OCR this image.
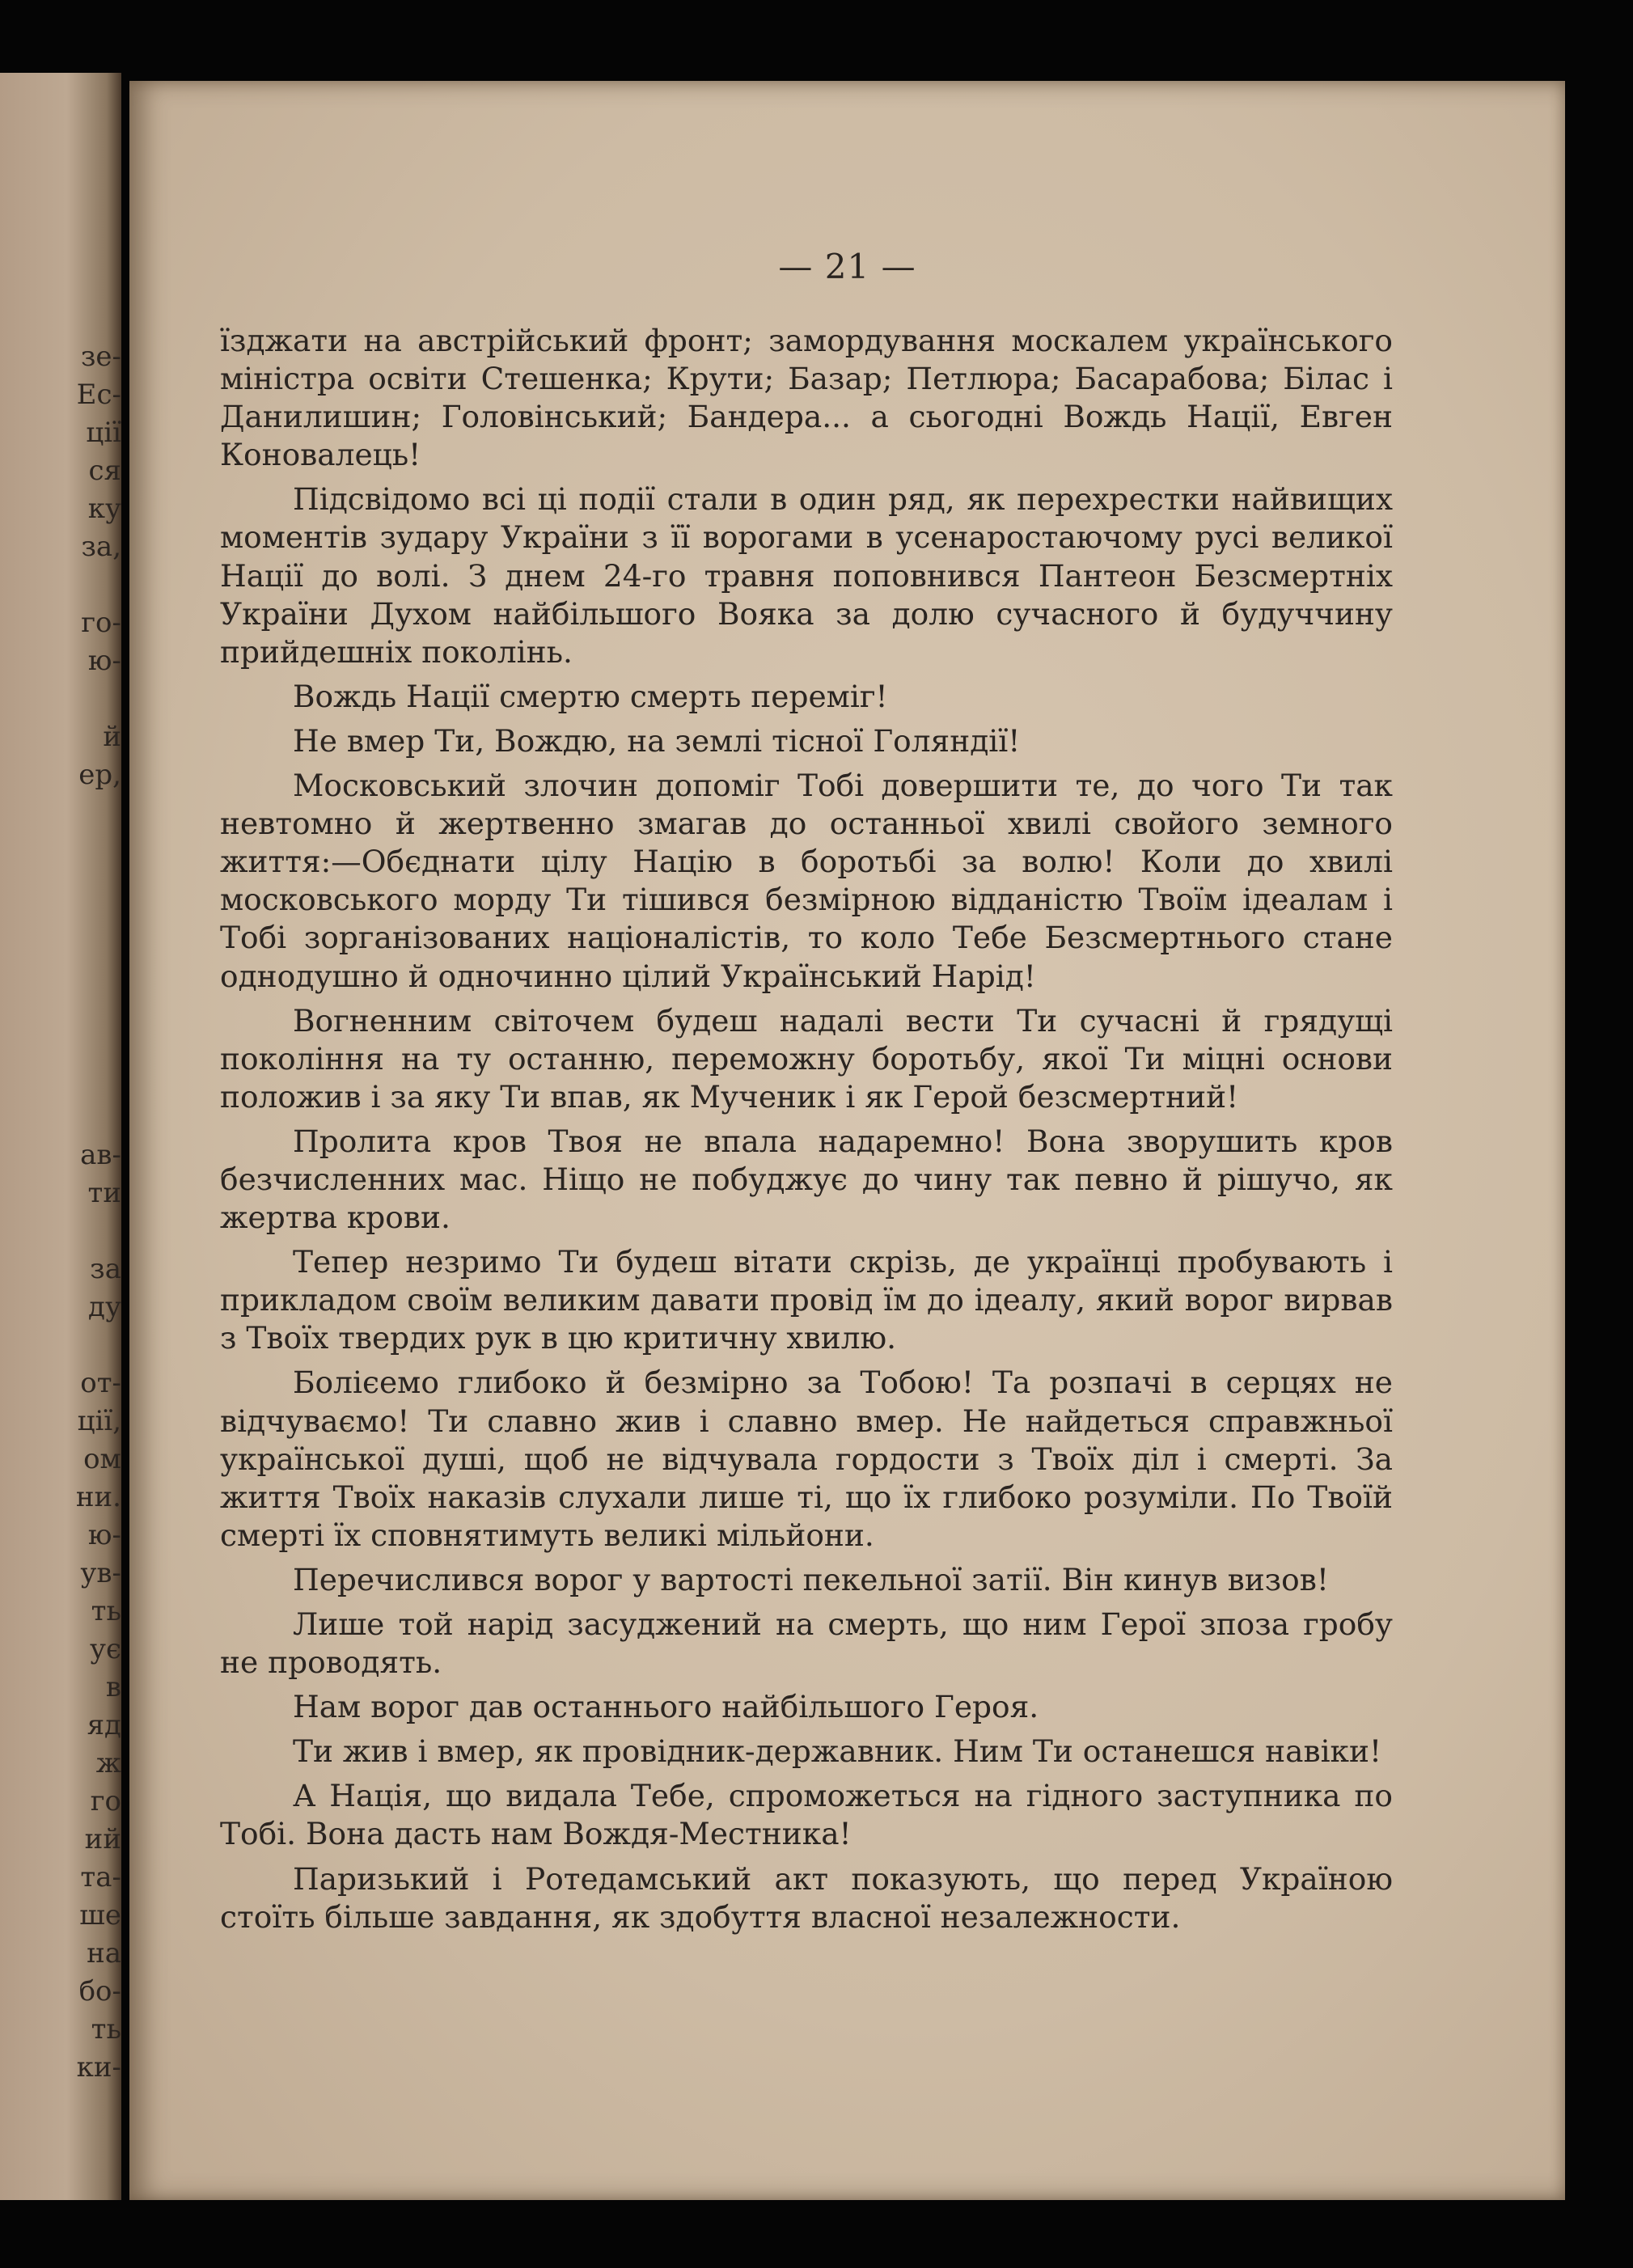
зе-
Ес-
ції
ся
ку
за,
го-
ю-
й
ер,
ав-
ти
за
ду
от-
ції,
ом
ни.
ю-
ув-
ть
ує
в
яд
ж
го
ий
та-
ше
на
бо-
ть
ки-
— 21 —

їзджати на австрійський фронт; замордування москалем українського міністра освіти Стешенка; Крути; Базар; Петлюра; Басарабова; Білас і Данилишин; Головінський; Бандера... а сьогодні Вождь Нації, Евген Коновалець!

Підсвідомо всі ці події стали в один ряд, як перехрестки найвищих моментів зудару України з її ворогами в усенаростаючому русі великої Нації до волі. З днем 24-го травня поповнився Пантеон Безсмертніх України Духом найбільшого Вояка за долю сучасного й будуччину прийдешніх поколінь.

Вождь Нації смертю смерть переміг!

Не вмер Ти, Вождю, на землі тісної Голяндії!

Московський злочин допоміг Тобі довершити те, до чого Ти так невтомно й жертвенно змагав до останньої хвилі свойого земного життя:—Обєднати цілу Націю в боротьбі за волю! Коли до хвилі московського морду Ти тішився безмірною відданістю Твоїм ідеалам і Тобі зорганізованих націоналістів, то коло Тебе Безсмертнього стане однодушно й одночинно цілий Український Нарід!

Вогненним світочем будеш надалі вести Ти сучасні й грядущі покоління на ту останню, переможну боротьбу, якої Ти міцні основи положив і за яку Ти впав, як Мученик і як Герой безсмертний!

Пролита кров Твоя не впала надаремно! Вона зворушить кров безчисленних мас. Ніщо не побуджує до чину так певно й рішучо, як жертва крови.

Тепер незримо Ти будеш вітати скрізь, де українці пробувають і прикладом своїм великим давати провід їм до ідеалу, який ворог вирвав з Твоїх твердих рук в цю критичну хвилю.

Болієемо глибоко й безмірно за Тобою! Та розпачі в серцях не відчуваємо! Ти славно жив і славно вмер. Не найдеться справжньої української душі, щоб не відчувала гордости з Твоїх діл і смерті. За життя Твоїх наказів слухали лише ті, що їх глибоко розуміли. По Твоїй смерті їх сповнятимуть великі мільйони.

Перечислився ворог у вартості пекельної затії. Він кинув визов!

Лише той нарід засуджений на смерть, що ним Герої зпоза гробу не проводять.

Нам ворог дав останнього найбільшого Героя.

Ти жив і вмер, як провідник-державник. Ним Ти останешся навіки!

А Нація, що видала Тебе, спроможеться на гідного заступника по Тобі. Вона дасть нам Вождя-Местника!

Паризький і Ротедамський акт показують, що перед Україною стоїть більше завдання, як здобуття власної незалежности.
